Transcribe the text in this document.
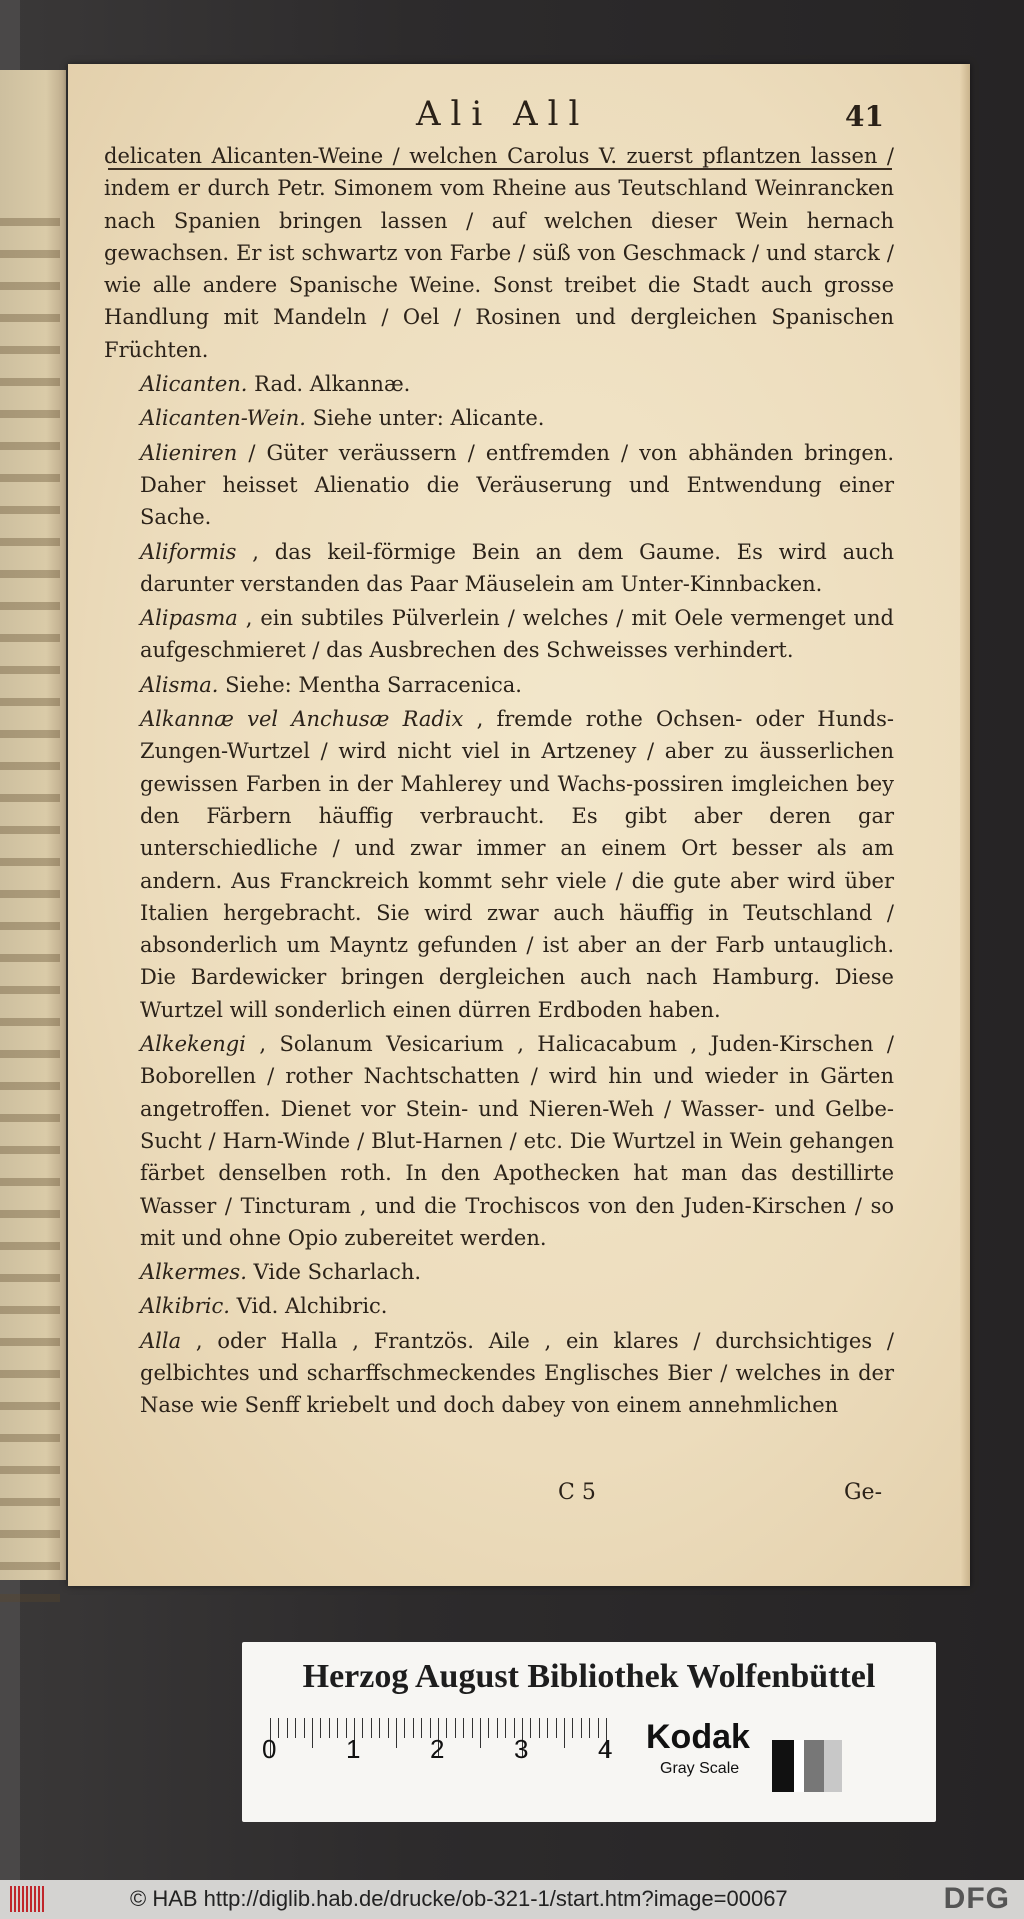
Ali All	41

delicaten Alicanten-Weine / welchen Carolus V. zuerst pflantzen lassen / indem er durch Petr. Simonem vom Rheine aus Teutschland Weinrancken nach Spanien bringen lassen / auf welchen dieser Wein hernach gewachsen. Er ist schwartz von Farbe / süß von Geschmack / und starck / wie alle andere Spanische Weine. Sonst treibet die Stadt auch grosse Handlung mit Mandeln / Oel / Rosinen und dergleichen Spanischen Früchten.

Alicanten. Rad. Alkannæ.

Alicanten-Wein. Siehe unter: Alicante.

Alieniren / Güter veräussern / entfremden / von abhänden bringen. Daher heisset Alienatio die Veräuserung und Entwendung einer Sache.

Aliformis , das keil-förmige Bein an dem Gaume. Es wird auch darunter verstanden das Paar Mäuselein am Unter-Kinnbacken.

Alipasma , ein subtiles Pülverlein / welches / mit Oele vermenget und aufgeschmieret / das Ausbrechen des Schweisses verhindert.

Alisma. Siehe: Mentha Sarracenica.

Alkannæ vel Anchusæ Radix , fremde rothe Ochsen- oder Hunds-Zungen-Wurtzel / wird nicht viel in Artzeney / aber zu äusserlichen gewissen Farben in der Mahlerey und Wachs-possiren imgleichen bey den Färbern häuffig verbraucht. Es gibt aber deren gar unterschiedliche / und zwar immer an einem Ort besser als am andern. Aus Franckreich kommt sehr viele / die gute aber wird über Italien hergebracht. Sie wird zwar auch häuffig in Teutschland / absonderlich um Mayntz gefunden / ist aber an der Farb untauglich. Die Bardewicker bringen dergleichen auch nach Hamburg. Diese Wurtzel will sonderlich einen dürren Erdboden haben.

Alkekengi , Solanum Vesicarium , Halicacabum , Juden-Kirschen / Boborellen / rother Nachtschatten / wird hin und wieder in Gärten angetroffen. Dienet vor Stein- und Nieren-Weh / Wasser- und Gelbe-Sucht / Harn-Winde / Blut-Harnen / etc. Die Wurtzel in Wein gehangen färbet denselben roth. In den Apothecken hat man das destillirte Wasser / Tincturam , und die Trochiscos von den Juden-Kirschen / so mit und ohne Opio zubereitet werden.

Alkermes. Vide Scharlach.

Alkibric. Vid. Alchibric.

Alla , oder Halla , Frantzös. Aile , ein klares / durchsichtiges / gelbichtes und scharffschmeckendes Englisches Bier / welches in der Nase wie Senff kriebelt und doch dabey von einem annehmlichen

C 5	Ge-
Herzog August Bibliothek Wolfenbüttel
0	1	2	3	4 Kodak
Gray Scale
© HAB http://diglib.hab.de/drucke/ob-321-1/start.htm?image=00067	DFG
